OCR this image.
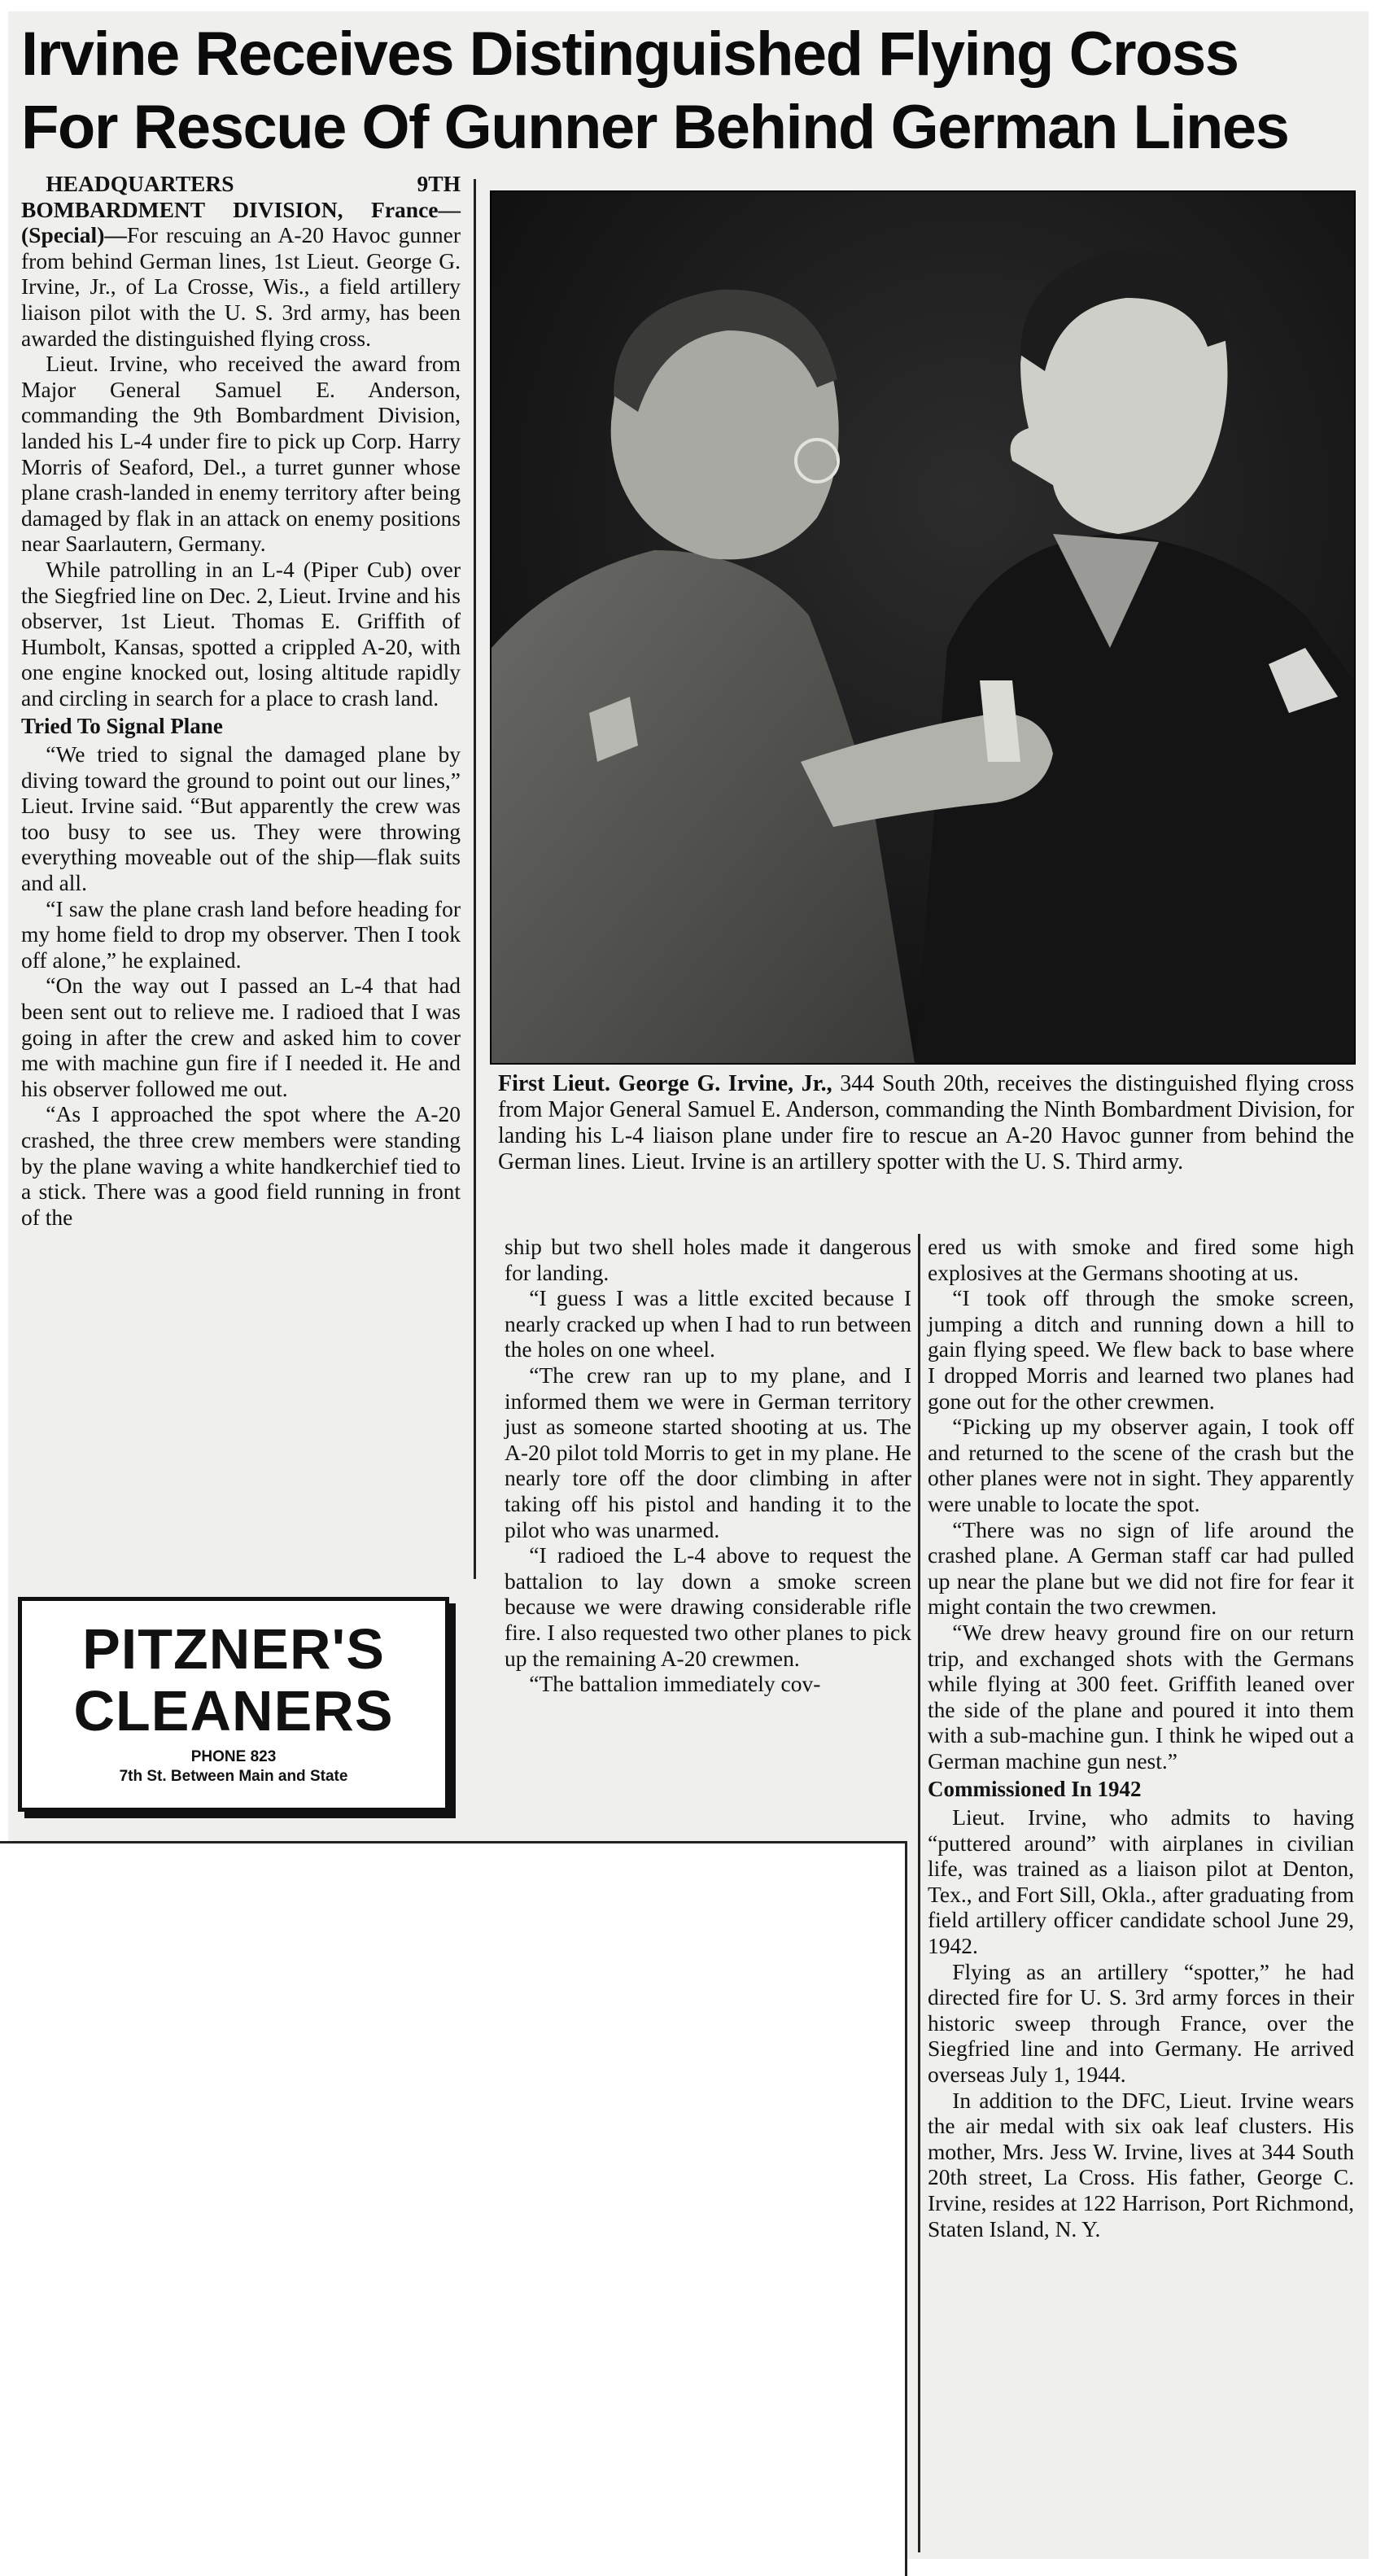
Irvine Receives Distinguished Flying Cross
For Rescue Of Gunner Behind German Lines

HEADQUARTERS 9TH BOMBARDMENT DIVISION, France—(Special)—For rescuing an A-20 Havoc gunner from behind German lines, 1st Lieut. George G. Irvine, Jr., of La Crosse, Wis., a field artillery liaison pilot with the U. S. 3rd army, has been awarded the distinguished flying cross.

Lieut. Irvine, who received the award from Major General Samuel E. Anderson, commanding the 9th Bombardment Division, landed his L-4 under fire to pick up Corp. Harry Morris of Seaford, Del., a turret gunner whose plane crash-landed in enemy territory after being damaged by flak in an attack on enemy positions near Saarlautern, Germany.

While patrolling in an L-4 (Piper Cub) over the Siegfried line on Dec. 2, Lieut. Irvine and his observer, 1st Lieut. Thomas E. Griffith of Humbolt, Kansas, spotted a crippled A-20, with one engine knocked out, losing altitude rapidly and circling in search for a place to crash land.

Tried To Signal Plane

“We tried to signal the damaged plane by diving toward the ground to point out our lines,” Lieut. Irvine said. “But apparently the crew was too busy to see us. They were throwing everything moveable out of the ship—flak suits and all.

“I saw the plane crash land before heading for my home field to drop my observer. Then I took off alone,” he explained.

“On the way out I passed an L-4 that had been sent out to relieve me. I radioed that I was going in after the crew and asked him to cover me with machine gun fire if I needed it. He and his observer followed me out.

“As I approached the spot where the A-20 crashed, the three crew members were standing by the plane waving a white handkerchief tied to a stick. There was a good field running in front of the

First Lieut. George G. Irvine, Jr., 344 South 20th, receives the distinguished flying cross from Major General Samuel E. Anderson, commanding the Ninth Bombardment Division, for landing his L-4 liaison plane under fire to rescue an A-20 Havoc gunner from behind the German lines. Lieut. Irvine is an artillery spotter with the U. S. Third army.

ship but two shell holes made it dangerous for landing.

“I guess I was a little excited because I nearly cracked up when I had to run between the holes on one wheel.

“The crew ran up to my plane, and I informed them we were in German territory just as someone started shooting at us. The A-20 pilot told Morris to get in my plane. He nearly tore off the door climbing in after taking off his pistol and handing it to the pilot who was unarmed.

“I radioed the L-4 above to request the battalion to lay down a smoke screen because we were drawing considerable rifle fire. I also requested two other planes to pick up the remaining A-20 crewmen.

“The battalion immediately cov-

ered us with smoke and fired some high explosives at the Germans shooting at us.

“I took off through the smoke screen, jumping a ditch and running down a hill to gain flying speed. We flew back to base where I dropped Morris and learned two planes had gone out for the other crewmen.

“Picking up my observer again, I took off and returned to the scene of the crash but the other planes were not in sight. They apparently were unable to locate the spot.

“There was no sign of life around the crashed plane. A German staff car had pulled up near the plane but we did not fire for fear it might contain the two crewmen.

“We drew heavy ground fire on our return trip, and exchanged shots with the Germans while flying at 300 feet. Griffith leaned over the side of the plane and poured it into them with a sub-machine gun. I think he wiped out a German machine gun nest.”

Commissioned In 1942

Lieut. Irvine, who admits to having “puttered around” with airplanes in civilian life, was trained as a liaison pilot at Denton, Tex., and Fort Sill, Okla., after graduating from field artillery officer candidate school June 29, 1942.

Flying as an artillery “spotter,” he had directed fire for U. S. 3rd army forces in their historic sweep through France, over the Siegfried line and into Germany. He arrived overseas July 1, 1944.

In addition to the DFC, Lieut. Irvine wears the air medal with six oak leaf clusters. His mother, Mrs. Jess W. Irvine, lives at 344 South 20th street, La Cross. His father, George C. Irvine, resides at 122 Harrison, Port Richmond, Staten Island, N. Y.

PITZNER'S
CLEANERS
PHONE 823
7th St. Between Main and State
